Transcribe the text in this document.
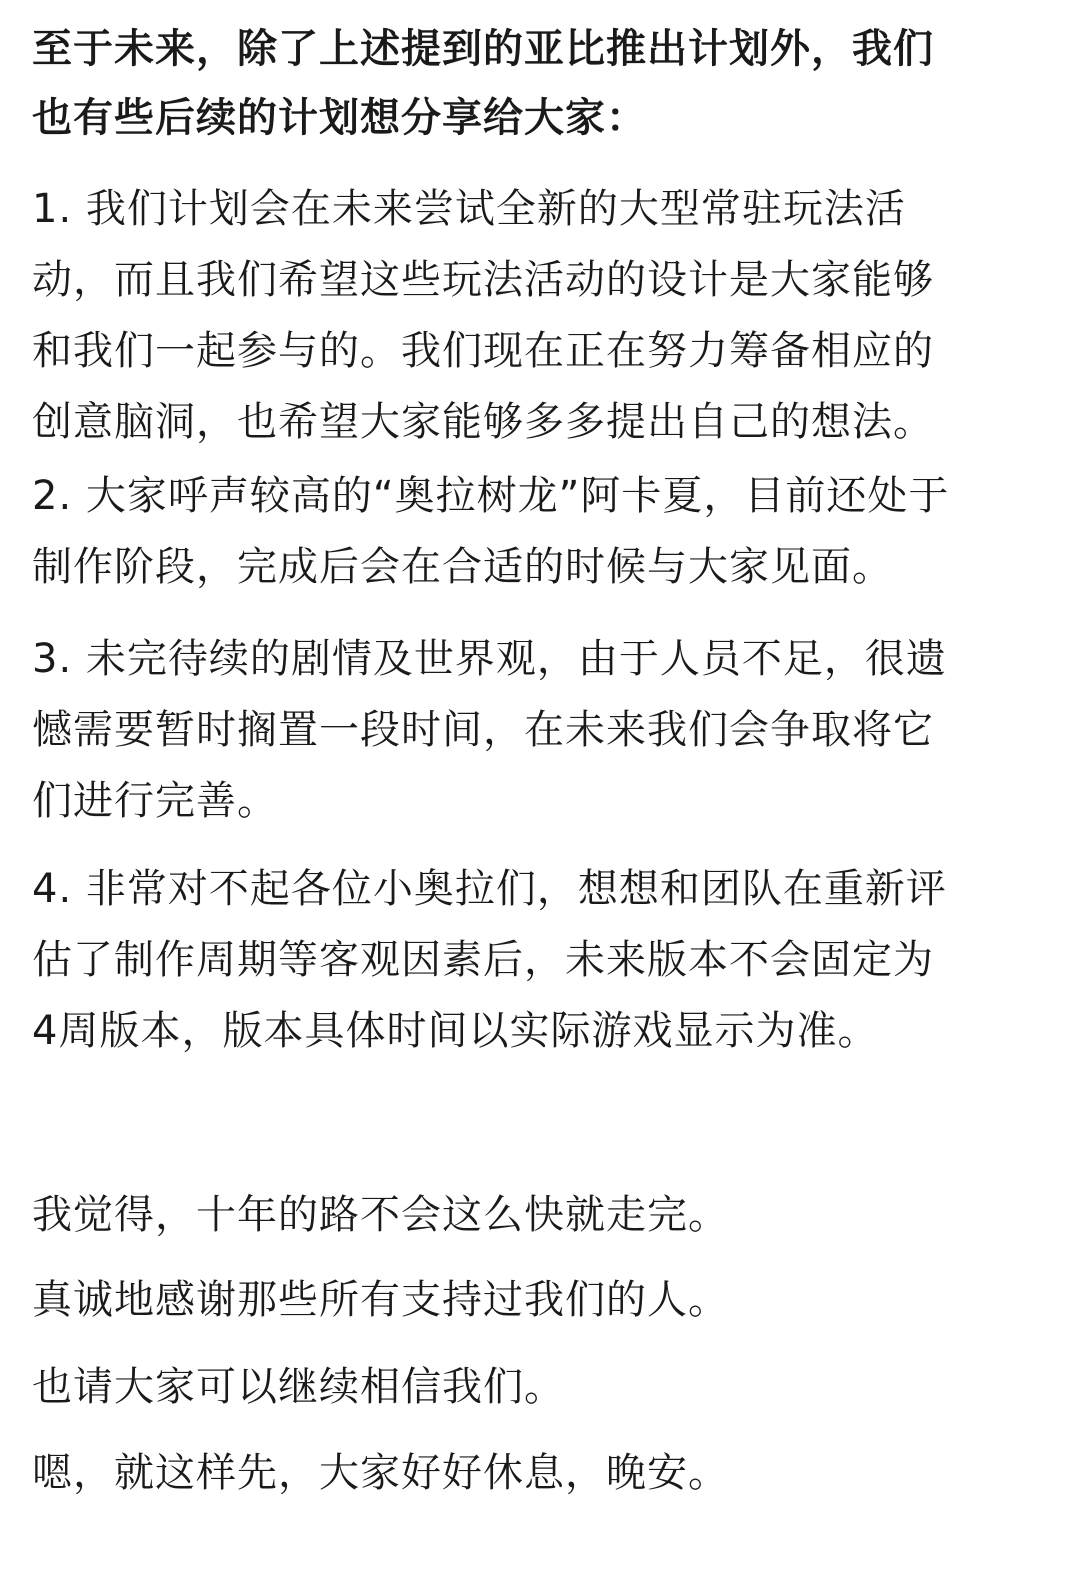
至于未来，除了上述提到的亚比推出计划外，我们
也有些后续的计划想分享给大家：
1. 我们计划会在未来尝试全新的大型常驻玩法活
动，而且我们希望这些玩法活动的设计是大家能够
和我们一起参与的。我们现在正在努力筹备相应的
创意脑洞，也希望大家能够多多提出自己的想法。
2. 大家呼声较高的“奥拉树龙”阿卡夏，目前还处于
制作阶段，完成后会在合适的时候与大家见面。
3. 未完待续的剧情及世界观，由于人员不足，很遗
憾需要暂时搁置一段时间，在未来我们会争取将它
们进行完善。
4. 非常对不起各位小奥拉们，想想和团队在重新评
估了制作周期等客观因素后，未来版本不会固定为
4周版本，版本具体时间以实际游戏显示为准。
我觉得，十年的路不会这么快就走完。
真诚地感谢那些所有支持过我们的人。
也请大家可以继续相信我们。
嗯，就这样先，大家好好休息，晚安。
